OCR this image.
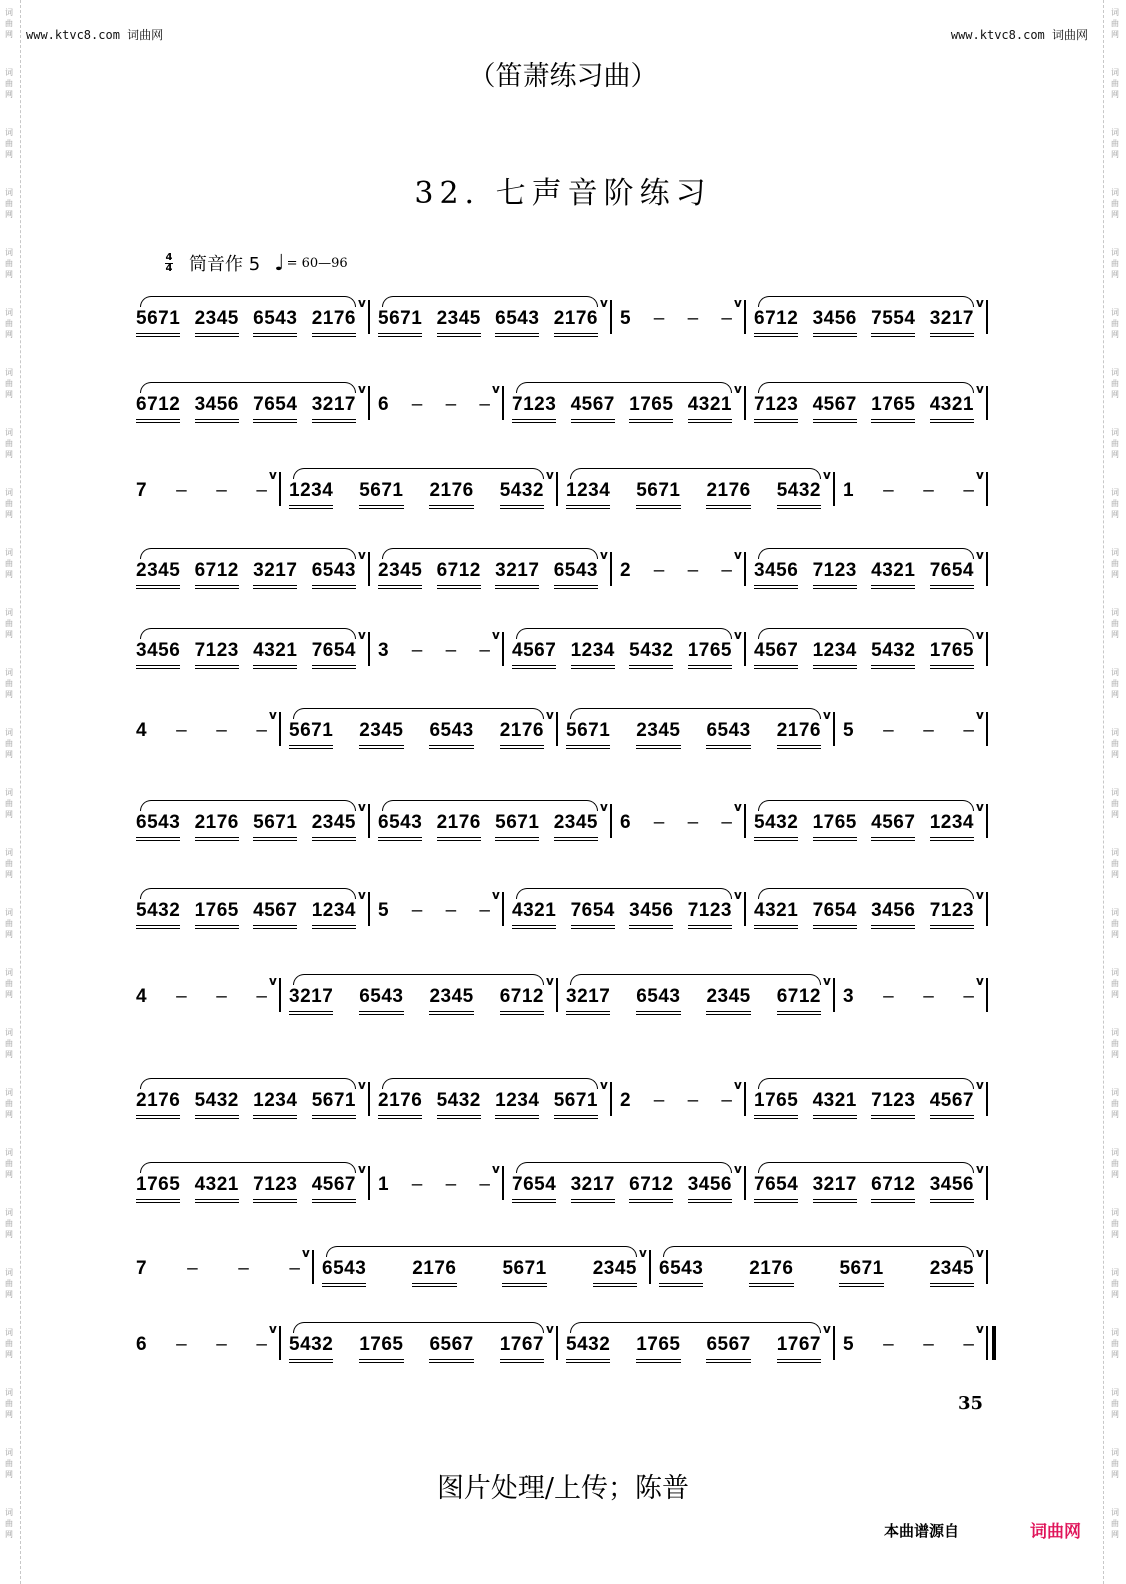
词
曲
网
词
曲
网
词
曲
网
词
曲
网
词
曲
网
词
曲
网
词
曲
网
词
曲
网
词
曲
网
词
曲
网
词
曲
网
词
曲
网
词
曲
网
词
曲
网
词
曲
网
词
曲
网
词
曲
网
词
曲
网
词
曲
网
词
曲
网
词
曲
网
词
曲
网
词
曲
网
词
曲
网
词
曲
网
词
曲
网
词
曲
网
词
曲
网
词
曲
网
词
曲
网
词
曲
网
词
曲
网
词
曲
网
词
曲
网
词
曲
网
词
曲
网
词
曲
网
词
曲
网
词
曲
网
词
曲
网
词
曲
网
词
曲
网
词
曲
网
词
曲
网
词
曲
网
词
曲
网
词
曲
网
词
曲
网
词
曲
网
词
曲
网
词
曲
网
词
曲
网
www.ktvc8.com 词曲网	www.ktvc8.com 词曲网
（笛萧练习曲）
32. 七声音阶练习
4
4 筒音作 5 ♩ = 60—96
5671 2345 6543 2176
v
5671 2345 6543 2176
v
5 – – –
v
6712 3456 7554 3217
v
6712 3456 7654 3217
v
6 – – –
v
7123 4567 1765 4321
v
7123 4567 1765 4321
v
7 – – –
v
1234 5671 2176 5432
v
1234 5671 2176 5432
v
1 – – –
v
2345 6712 3217 6543
v
2345 6712 3217 6543
v
2 – – –
v
3456 7123 4321 7654
v
3456 7123 4321 7654
v
3 – – –
v
4567 1234 5432 1765
v
4567 1234 5432 1765
v
4 – – –
v
5671 2345 6543 2176
v
5671 2345 6543 2176
v
5 – – –
v
6543 2176 5671 2345
v
6543 2176 5671 2345
v
6 – – –
v
5432 1765 4567 1234
v
5432 1765 4567 1234
v
5 – – –
v
4321 7654 3456 7123
v
4321 7654 3456 7123
v
4 – – –
v
3217 6543 2345 6712
v
3217 6543 2345 6712
v
3 – – –
v
2176 5432 1234 5671
v
2176 5432 1234 5671
v
2 – – –
v
1765 4321 7123 4567
v
1765 4321 7123 4567
v
1 – – –
v
7654 3217 6712 3456
v
7654 3217 6712 3456
v
7 – – –
v
6543 2176 5671 2345
v
6543 2176 5671 2345
v
6 – – –
v
5432 1765 6567 1767
v
5432 1765 6567 1767
v
5 – – –
v
35
图片处理/上传；陈普
本曲谱源自	词曲网
